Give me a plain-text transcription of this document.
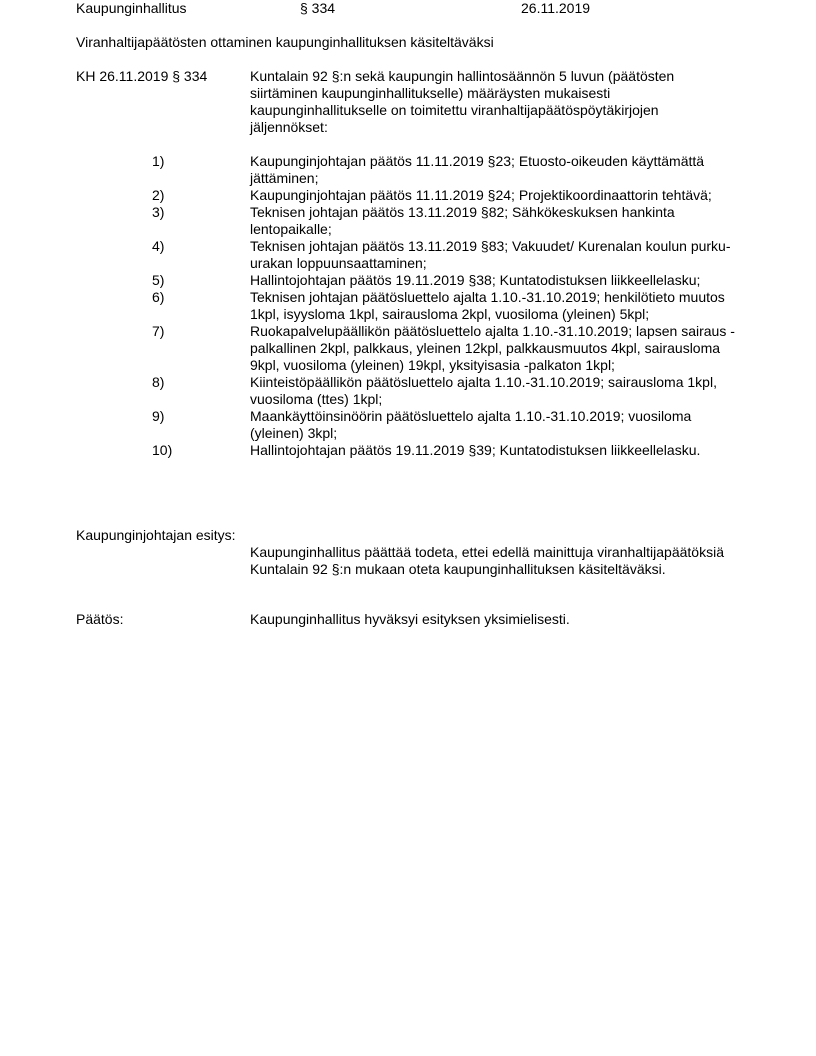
Kaupunginhallitus	§ 334	26.11.2019
Viranhaltijapäätösten ottaminen kaupunginhallituksen käsiteltäväksi
KH 26.11.2019 § 334	Kuntalain 92 §:n sekä kaupungin hallintosäännön 5 luvun (päätösten siirtäminen kaupunginhallitukselle) määräysten mukaisesti kaupunginhallitukselle on toimitettu viranhaltijapäätöspöytäkirjojen jäljennökset:
1)	Kaupunginjohtajan päätös 11.11.2019 §23; Etuosto-oikeuden käyttämättä jättäminen;
2)	Kaupunginjohtajan päätös 11.11.2019 §24; Projektikoordinaattorin tehtävä;
3)	Teknisen johtajan päätös 13.11.2019 §82; Sähkökeskuksen hankinta lentopaikalle;
4)	Teknisen johtajan päätös 13.11.2019 §83; Vakuudet/ Kurenalan koulun purku-urakan loppuunsaattaminen;
5)	Hallintojohtajan päätös 19.11.2019 §38; Kuntatodistuksen liikkeellelasku;
6)	Teknisen johtajan päätösluettelo ajalta 1.10.-31.10.2019; henkilötieto muutos 1kpl, isyysloma 1kpl, sairausloma 2kpl, vuosiloma (yleinen) 5kpl;
7)	Ruokapalvelupäällikön päätösluettelo ajalta 1.10.-31.10.2019; lapsen sairaus -palkallinen 2kpl, palkkaus, yleinen 12kpl, palkkausmuutos 4kpl, sairausloma 9kpl, vuosiloma (yleinen) 19kpl, yksityisasia -palkaton 1kpl;
8)	Kiinteistöpäällikön päätösluettelo ajalta 1.10.-31.10.2019; sairausloma 1kpl, vuosiloma (ttes) 1kpl;
9)	Maankäyttöinsinöörin päätösluettelo ajalta 1.10.-31.10.2019; vuosiloma (yleinen) 3kpl;
10)	Hallintojohtajan päätös 19.11.2019 §39; Kuntatodistuksen liikkeellelasku.
Kaupunginjohtajan esitys:
Kaupunginhallitus päättää todeta, ettei edellä mainittuja viranhaltijapäätöksiä Kuntalain 92 §:n mukaan oteta kaupunginhallituksen käsiteltäväksi.
Päätös:	Kaupunginhallitus hyväksyi esityksen yksimielisesti.
